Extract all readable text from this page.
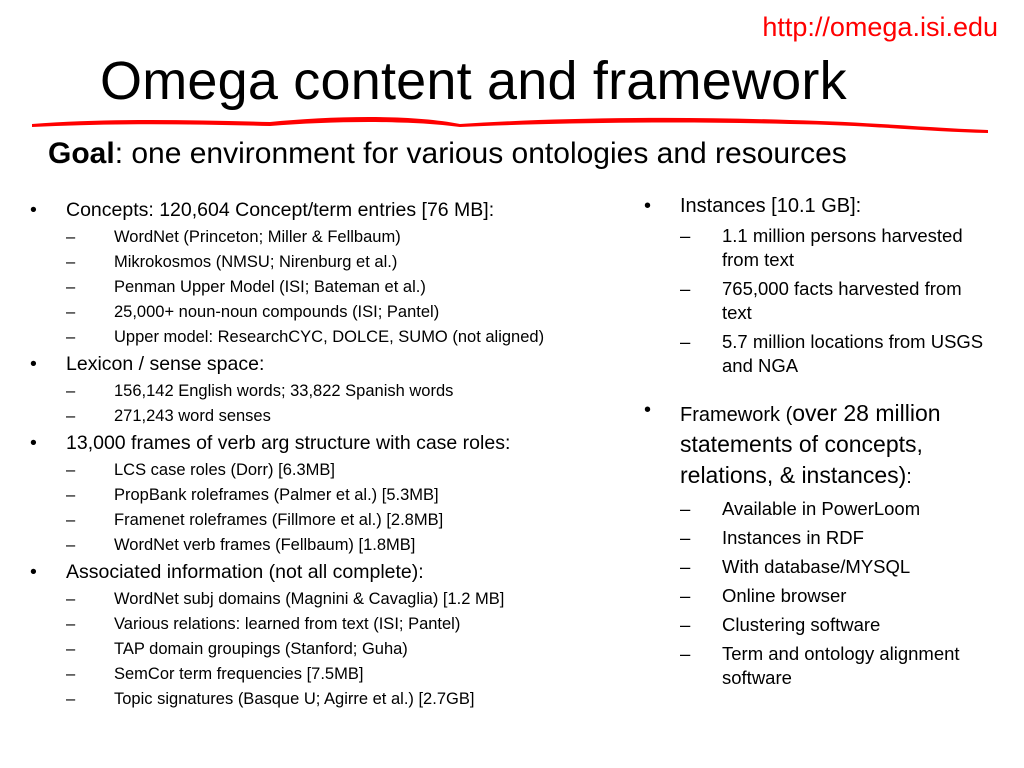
http://omega.isi.edu
Omega content and framework
Goal: one environment for various ontologies and resources
• Concepts: 120,604 Concept/term entries [76 MB]:
– WordNet (Princeton; Miller & Fellbaum)
– Mikrokosmos (NMSU; Nirenburg et al.)
– Penman Upper Model (ISI; Bateman et al.)
– 25,000+ noun-noun compounds (ISI; Pantel)
– Upper model: ResearchCYC, DOLCE, SUMO (not aligned)
• Lexicon / sense space:
– 156,142 English words; 33,822 Spanish words
– 271,243 word senses
• 13,000 frames of verb arg structure with case roles:
– LCS case roles (Dorr) [6.3MB]
– PropBank roleframes (Palmer et al.) [5.3MB]
– Framenet roleframes (Fillmore et al.) [2.8MB]
– WordNet verb frames (Fellbaum) [1.8MB]
• Associated information (not all complete):
– WordNet subj domains (Magnini & Cavaglia) [1.2 MB]
– Various relations: learned from text (ISI; Pantel)
– TAP domain groupings (Stanford; Guha)
– SemCor term frequencies [7.5MB]
– Topic signatures (Basque U; Agirre et al.) [2.7GB]
• Instances [10.1 GB]:
– 1.1 million persons harvested from text
– 765,000 facts harvested from text
– 5.7 million locations from USGS and NGA
• Framework (over 28 million statements of concepts, relations, & instances):
– Available in PowerLoom
– Instances in RDF
– With database/MYSQL
– Online browser
– Clustering software
– Term and ontology alignment software
